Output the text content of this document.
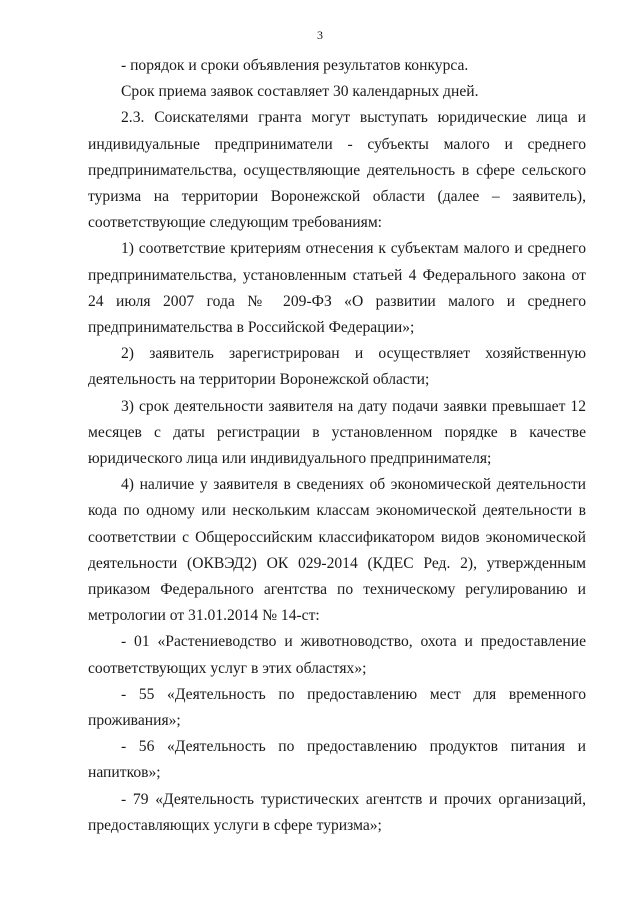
3

- порядок и сроки объявления результатов конкурса.

Срок приема заявок составляет 30 календарных дней.

2.3. Соискателями гранта могут выступать юридические лица и индивидуальные предприниматели - субъекты малого и среднего предпринимательства, осуществляющие деятельность в сфере сельского туризма на территории Воронежской области (далее – заявитель), соответствующие следующим требованиям:

1) соответствие критериям отнесения к субъектам малого и среднего предпринимательства, установленным статьей 4 Федерального закона от 24 июля 2007 года № 209-ФЗ «О развитии малого и среднего предпринимательства в Российской Федерации»;

2) заявитель зарегистрирован и осуществляет хозяйственную деятельность на территории Воронежской области;

3) срок деятельности заявителя на дату подачи заявки превышает 12 месяцев с даты регистрации в установленном порядке в качестве юридического лица или индивидуального предпринимателя;

4) наличие у заявителя в сведениях об экономической деятельности кода по одному или нескольким классам экономической деятельности в соответствии с Общероссийским классификатором видов экономической деятельности (ОКВЭД2) ОК 029-2014 (КДЕС Ред. 2), утвержденным приказом Федерального агентства по техническому регулированию и метрологии от 31.01.2014 № 14-ст:

- 01 «Растениеводство и животноводство, охота и предоставление соответствующих услуг в этих областях»;

- 55 «Деятельность по предоставлению мест для временного проживания»;

- 56 «Деятельность по предоставлению продуктов питания и напитков»;

- 79 «Деятельность туристических агентств и прочих организаций, предоставляющих услуги в сфере туризма»;
